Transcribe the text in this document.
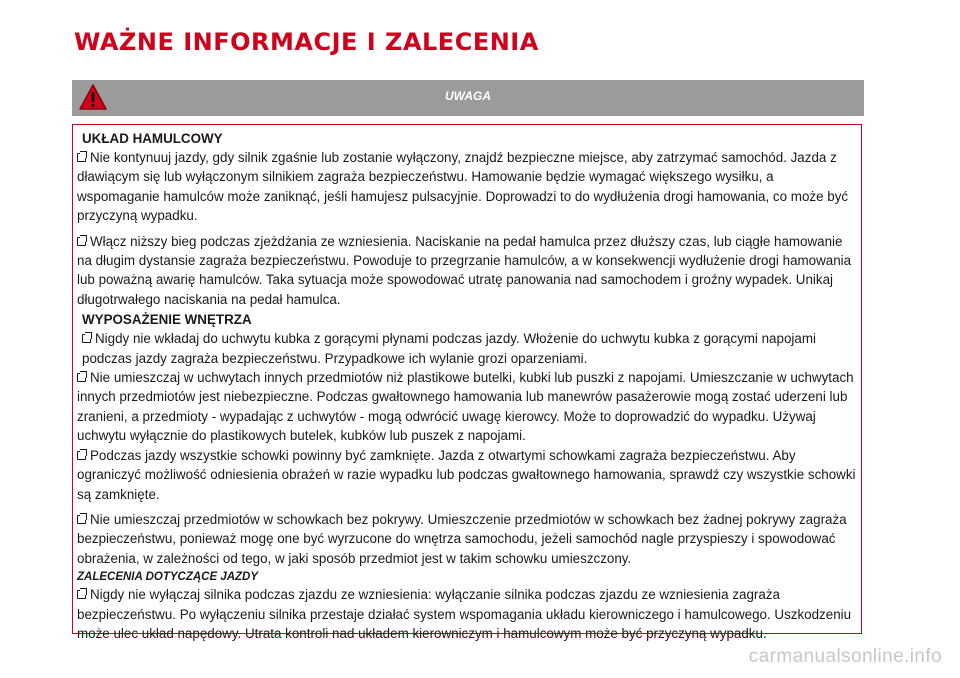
WAŻNE INFORMACJE I ZALECENIA
UWAGA
UKŁAD HAMULCOWY

Nie kontynuuj jazdy, gdy silnik zgaśnie lub zostanie wyłączony, znajdź bezpieczne miejsce, aby zatrzymać samochód. Jazda z dławiącym się lub wyłączonym silnikiem zagraża bezpieczeństwu. Hamowanie będzie wymagać większego wysiłku, a wspomaganie hamulców może zaniknąć, jeśli hamujesz pulsacyjnie. Doprowadzi to do wydłużenia drogi hamowania, co może być przyczyną wypadku.

Włącz niższy bieg podczas zjeżdżania ze wzniesienia. Naciskanie na pedał hamulca przez dłuższy czas, lub ciągłe hamowanie na długim dystansie zagraża bezpieczeństwu. Powoduje to przegrzanie hamulców, a w konsekwencji wydłużenie drogi hamowania lub poważną awarię hamulców. Taka sytuacja może spowodować utratę panowania nad samochodem i groźny wypadek. Unikaj długotrwałego naciskania na pedał hamulca.

WYPOSAŻENIE WNĘTRZA

Nigdy nie wkładaj do uchwytu kubka z gorącymi płynami podczas jazdy. Włożenie do uchwytu kubka z gorącymi napojami podczas jazdy zagraża bezpieczeństwu. Przypadkowe ich wylanie grozi oparzeniami.

Nie umieszczaj w uchwytach innych przedmiotów niż plastikowe butelki, kubki lub puszki z napojami. Umieszczanie w uchwytach innych przedmiotów jest niebezpieczne. Podczas gwałtownego hamowania lub manewrów pasażerowie mogą zostać uderzeni lub zranieni, a przedmioty - wypadając z uchwytów - mogą odwrócić uwagę kierowcy. Może to doprowadzić do wypadku. Używaj uchwytu wyłącznie do plastikowych butelek, kubków lub puszek z napojami.

Podczas jazdy wszystkie schowki powinny być zamknięte. Jazda z otwartymi schowkami zagraża bezpieczeństwu. Aby ograniczyć możliwość odniesienia obrażeń w razie wypadku lub podczas gwałtownego hamowania, sprawdź czy wszystkie schowki są zamknięte.

Nie umieszczaj przedmiotów w schowkach bez pokrywy. Umieszczenie przedmiotów w schowkach bez żadnej pokrywy zagraża bezpieczeństwu, ponieważ mogę one być wyrzucone do wnętrza samochodu, jeżeli samochód nagle przyspieszy i spowodować obrażenia, w zależności od tego, w jaki sposób przedmiot jest w takim schowku umieszczony.

ZALECENIA DOTYCZĄCE JAZDY

Nigdy nie wyłączaj silnika podczas zjazdu ze wzniesienia: wyłączanie silnika podczas zjazdu ze wzniesienia zagraża bezpieczeństwu. Po wyłączeniu silnika przestaje działać system wspomagania układu kierowniczego i hamulcowego. Uszkodzeniu może ulec układ napędowy. Utrata kontroli nad układem kierowniczym i hamulcowym może być przyczyną wypadku.

carmanualsonline.info
